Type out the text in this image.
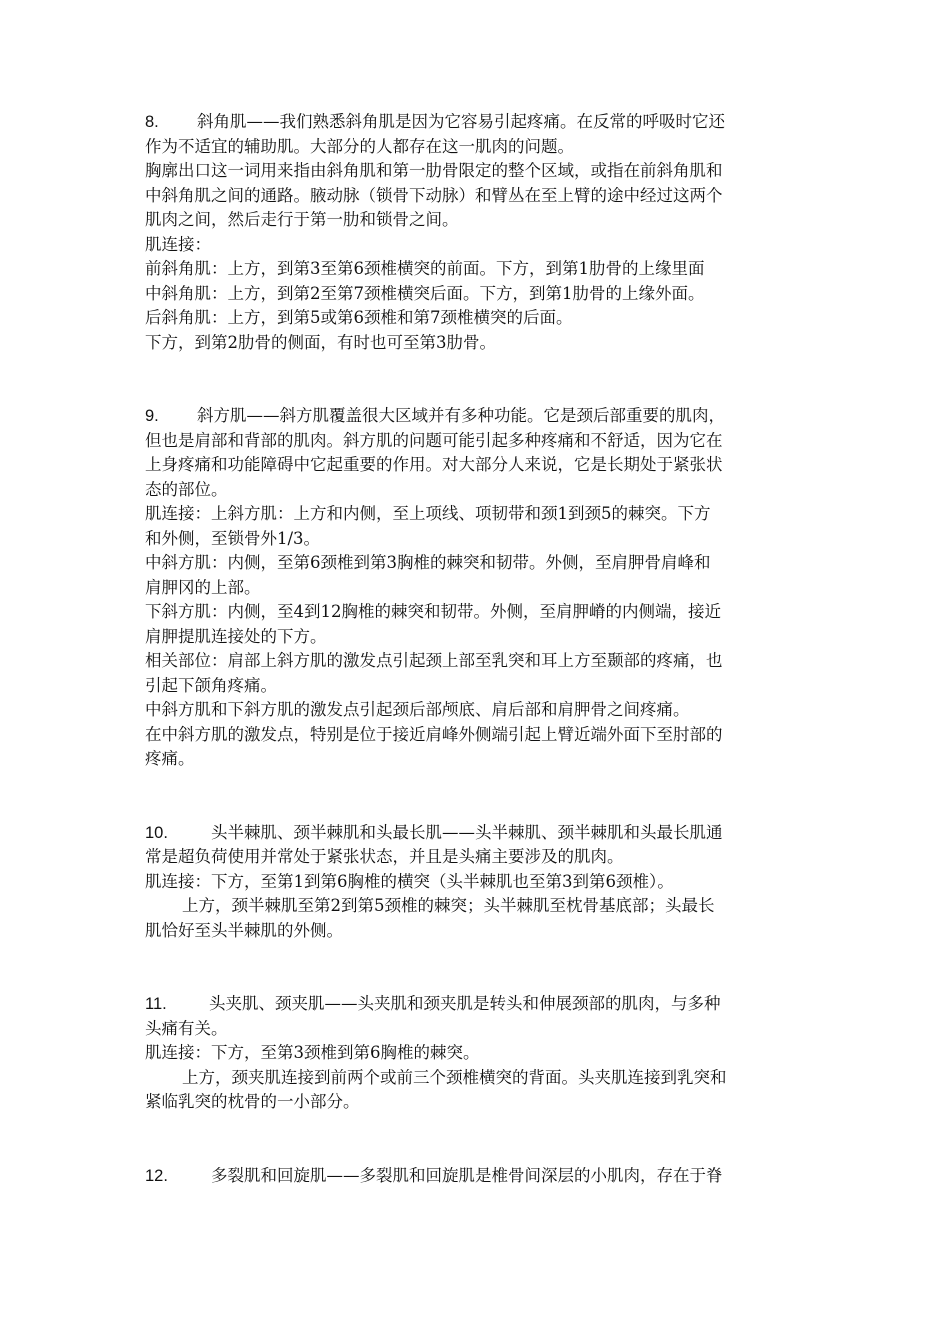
8. 斜角肌——我们熟悉斜角肌是因为它容易引起疼痛。在反常的呼吸时它还
作为不适宜的辅助肌。大部分的人都存在这一肌肉的问题。
胸廓出口这一词用来指由斜角肌和第一肋骨限定的整个区域，或指在前斜角肌和
中斜角肌之间的通路。腋动脉（锁骨下动脉）和臂丛在至上臂的途中经过这两个
肌肉之间，然后走行于第一肋和锁骨之间。
肌连接：
前斜角肌：上方，到第3至第6颈椎横突的前面。下方，到第1肋骨的上缘里面
中斜角肌：上方，到第2至第7颈椎横突后面。下方，到第1肋骨的上缘外面。
后斜角肌：上方，到第5或第6颈椎和第7颈椎横突的后面。
下方，到第2肋骨的侧面，有时也可至第3肋骨。
9. 斜方肌——斜方肌覆盖很大区域并有多种功能。它是颈后部重要的肌肉，
但也是肩部和背部的肌肉。斜方肌的问题可能引起多种疼痛和不舒适，因为它在
上身疼痛和功能障碍中它起重要的作用。对大部分人来说，它是长期处于紧张状
态的部位。
肌连接：上斜方肌：上方和内侧，至上项线、项韧带和颈1到颈5的棘突。下方
和外侧，至锁骨外1/3。
中斜方肌：内侧，至第6颈椎到第3胸椎的棘突和韧带。外侧，至肩胛骨肩峰和
肩胛冈的上部。
下斜方肌：内侧，至4到12胸椎的棘突和韧带。外侧，至肩胛嵴的内侧端，接近
肩胛提肌连接处的下方。
相关部位：肩部上斜方肌的激发点引起颈上部至乳突和耳上方至颞部的疼痛，也
引起下颌角疼痛。
中斜方肌和下斜方肌的激发点引起颈后部颅底、肩后部和肩胛骨之间疼痛。
在中斜方肌的激发点，特别是位于接近肩峰外侧端引起上臂近端外面下至肘部的
疼痛。
10.	头半棘肌、颈半棘肌和头最长肌——头半棘肌、颈半棘肌和头最长肌通
常是超负荷使用并常处于紧张状态，并且是头痛主要涉及的肌肉。
肌连接：下方，至第1到第6胸椎的横突（头半棘肌也至第3到第6颈椎）。
上方，颈半棘肌至第2到第5颈椎的棘突；头半棘肌至枕骨基底部；头最长
肌恰好至头半棘肌的外侧。
11.	头夹肌、颈夹肌——头夹肌和颈夹肌是转头和伸展颈部的肌肉，与多种
头痛有关。
肌连接：下方，至第3颈椎到第6胸椎的棘突。
上方，颈夹肌连接到前两个或前三个颈椎横突的背面。头夹肌连接到乳突和
紧临乳突的枕骨的一小部分。
12.	多裂肌和回旋肌——多裂肌和回旋肌是椎骨间深层的小肌肉，存在于脊
